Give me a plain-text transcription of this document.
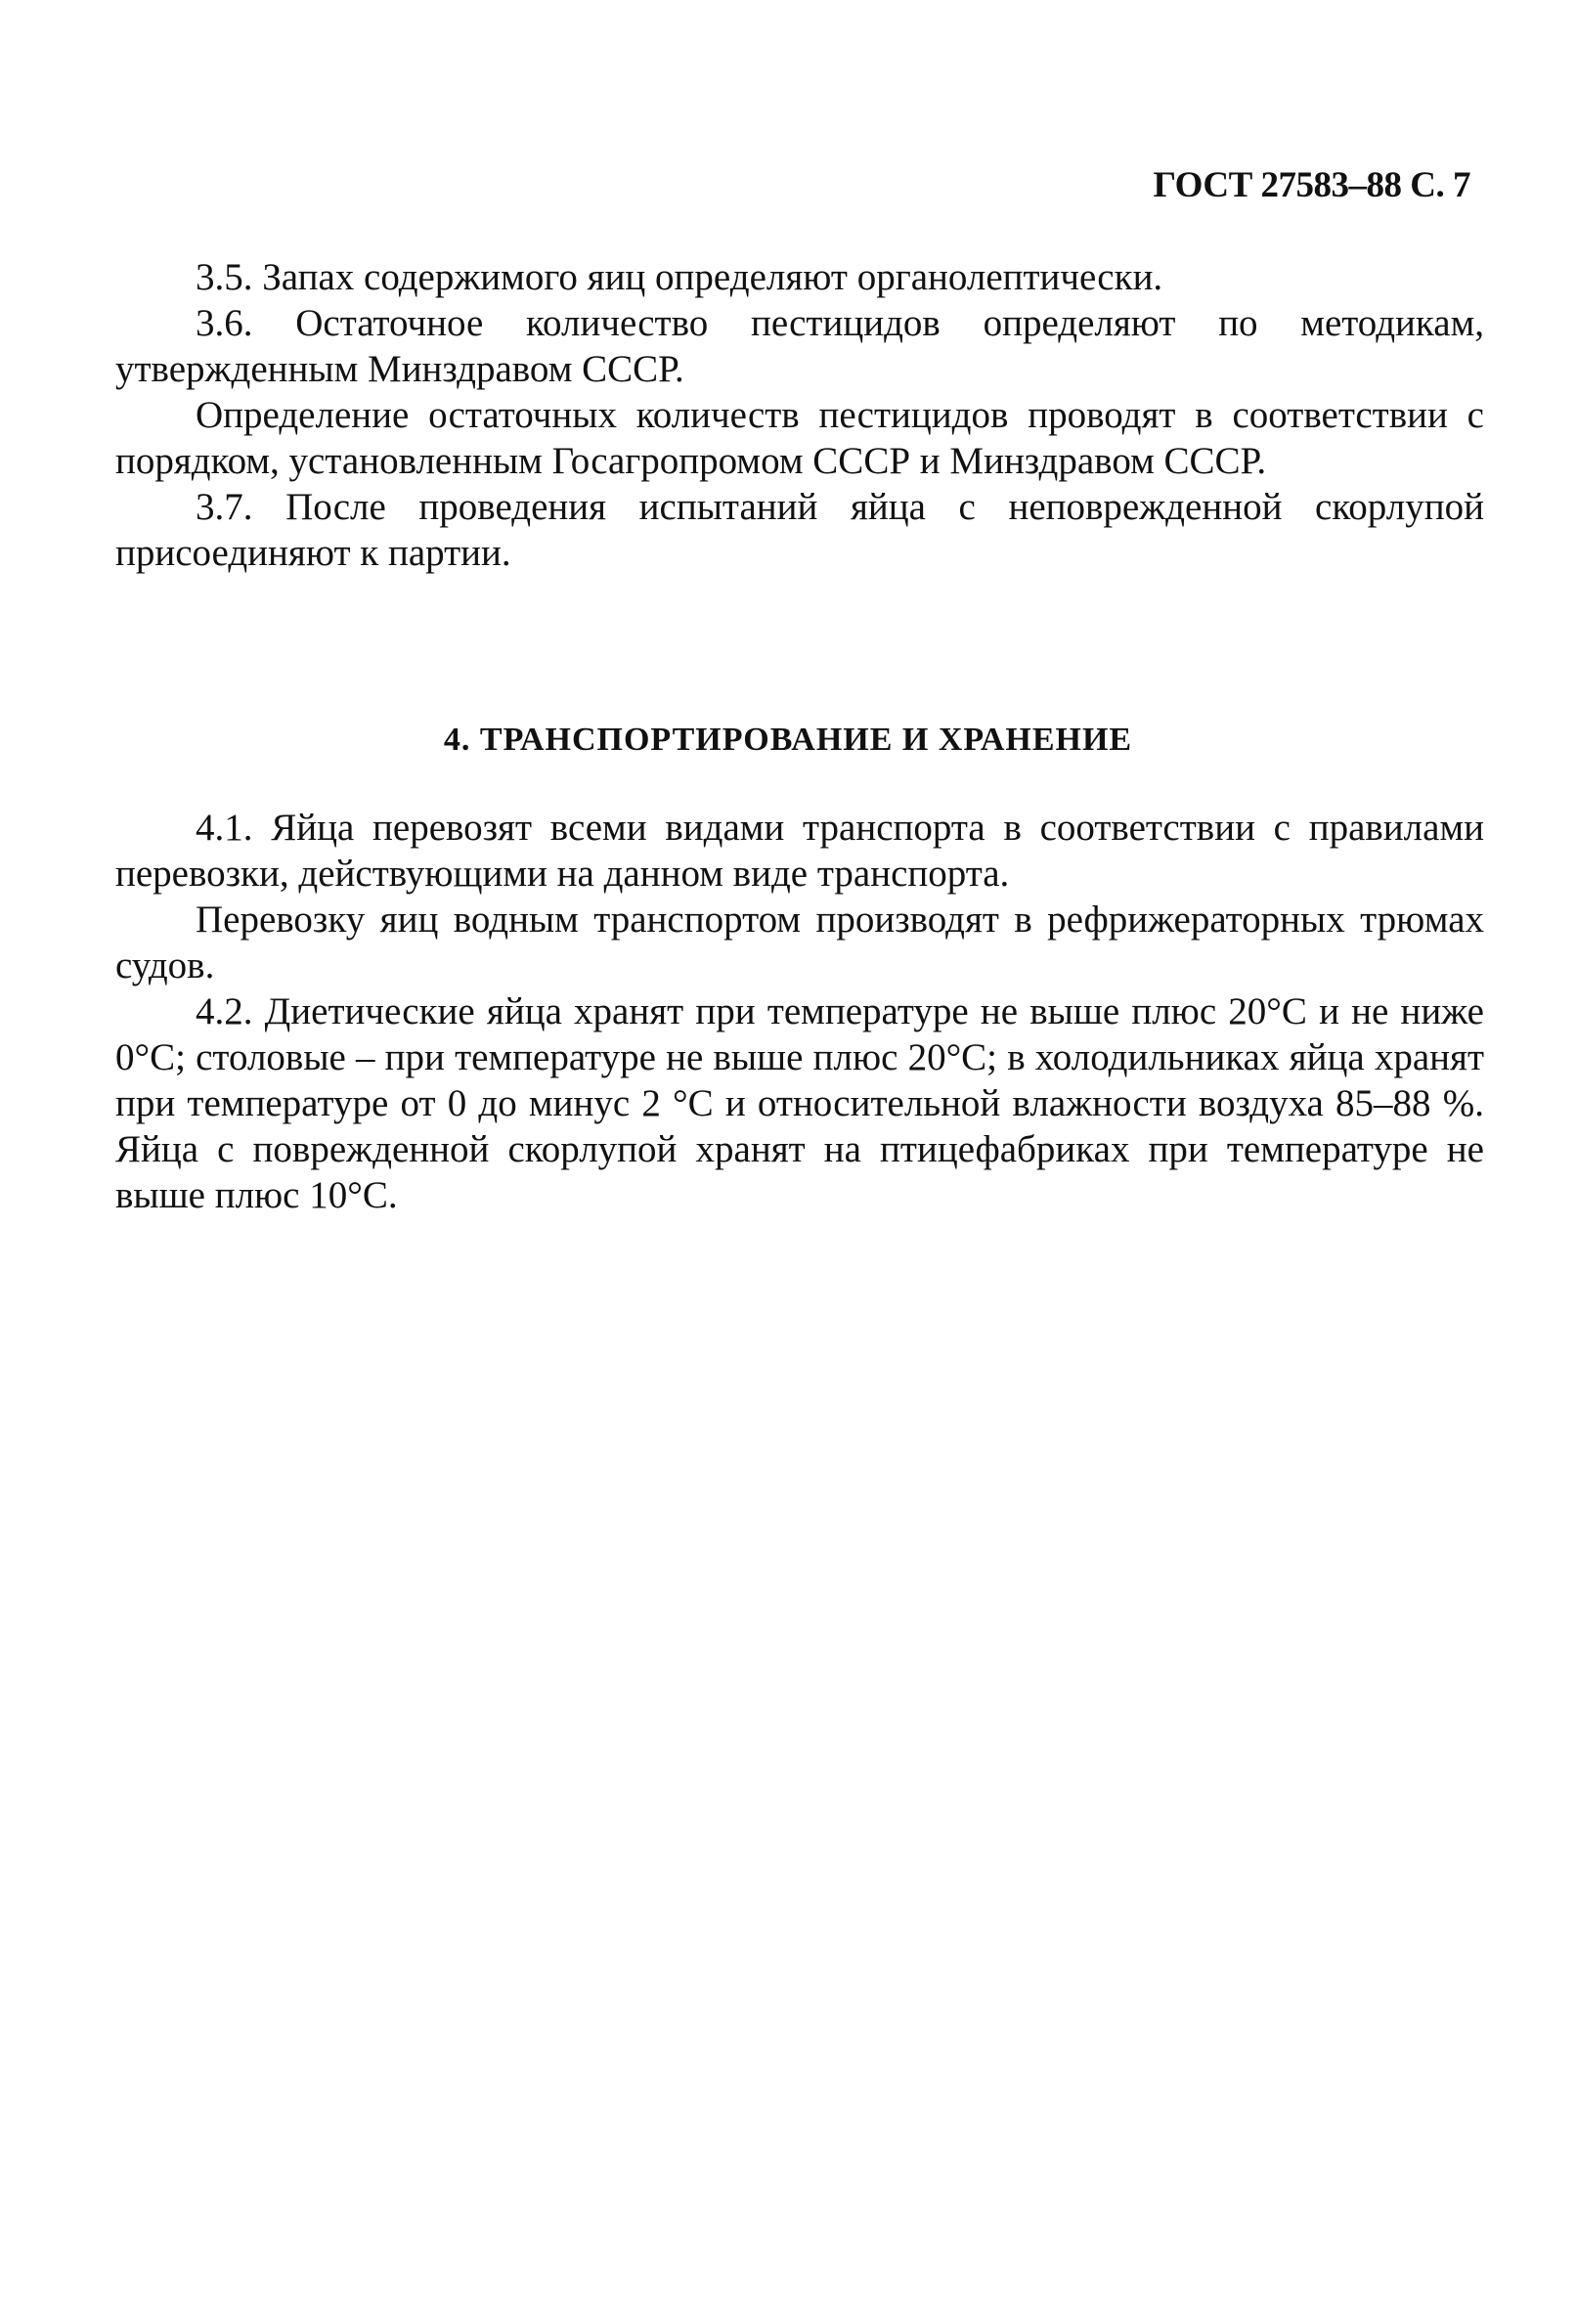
ГОСТ 27583–88 С. 7

3.5. Запах содержимого яиц определяют органолептически.

3.6. Остаточное количество пестицидов определяют по методикам, утвержденным Минздравом СССР.

Определение остаточных количеств пестицидов проводят в соответствии с порядком, установленным Госагропромом СССР и Минздравом СССР.

3.7. После проведения испытаний яйца с неповрежденной скорлупой присоединяют к партии.

4. ТРАНСПОРТИРОВАНИЕ И ХРАНЕНИЕ

4.1. Яйца перевозят всеми видами транспорта в соответствии с правилами перевозки, действующими на данном виде транспорта.

Перевозку яиц водным транспортом производят в рефрижераторных трюмах судов.

4.2. Диетические яйца хранят при температуре не выше плюс 20°С и не ниже 0°С; столовые – при температуре не выше плюс 20°С; в холодильниках яйца хранят при температуре от 0 до минус 2 °С и относительной влажности воздуха 85–88 %. Яйца с поврежденной скорлупой хранят на птицефабриках при температуре не выше плюс 10°С.
